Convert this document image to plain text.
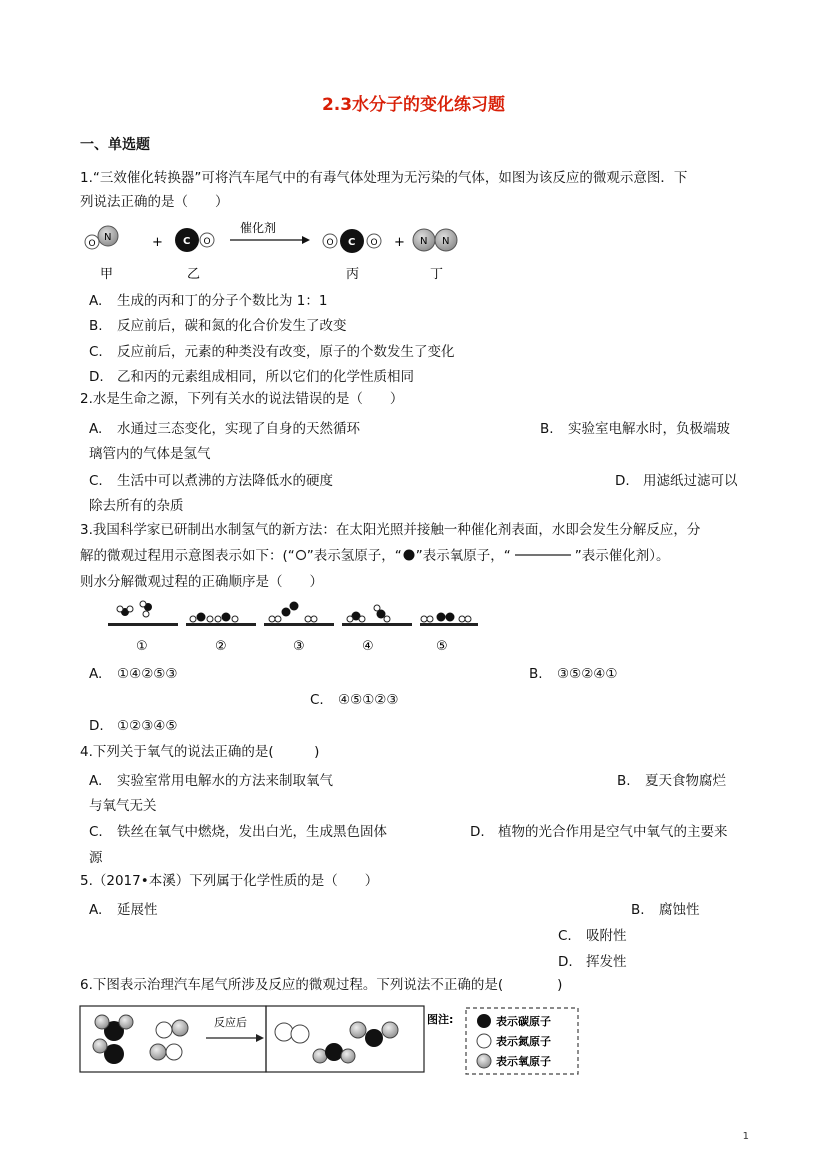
2.3水分子的变化练习题
一、单选题
1.“三效催化转换器”可将汽车尾气中的有毒气体处理为无污染的气体，如图为该反应的微观示意图．下
列说法正确的是（　　）
N
O	+ C O
催化剂
O C O + N N
甲	乙	丙	丁
A. 生成的丙和丁的分子个数比为 1：1
B. 反应前后，碳和氮的化合价发生了改变
C. 反应前后，元素的种类没有改变，原子的个数发生了变化
D. 乙和丙的元素组成相同，所以它们的化学性质相同
2.水是生命之源，下列有关水的说法错误的是（　　）
A. 水通过三态变化，实现了自身的天然循环	B. 实验室电解水时，负极端玻
璃管内的气体是氢气
C. 生活中可以煮沸的方法降低水的硬度	D. 用滤纸过滤可以
除去所有的杂质
3.我国科学家已研制出水制氢气的新方法：在太阳光照并接触一种催化剂表面，水即会发生分解反应，分
解的微观过程用示意图表示如下：(“ ”表示氢原子，“ ”表示氧原子，“	”表示催化剂）。
则水分解微观过程的正确顺序是（　　）
①	②	③	④	⑤
A. ①④②⑤③	B. ③⑤②④①
C. ④⑤①②③
D. ①②③④⑤
4.下列关于氧气的说法正确的是(　　　)
A. 实验室常用电解水的方法来制取氧气	B. 夏天食物腐烂
与氧气无关
C. 铁丝在氧气中燃烧，发出白光，生成黑色固体	D. 植物的光合作用是空气中氧气的主要来
源
5.（2017•本溪）下列属于化学性质的是（　　）
A. 延展性	B. 腐蚀性
C. 吸附性
D. 挥发性
6.下图表示治理汽车尾气所涉及反应的微观过程。下列说法不正确的是(　　　　)
反应后	图注:	表示碳原子
表示氮原子
表示氧原子
1
